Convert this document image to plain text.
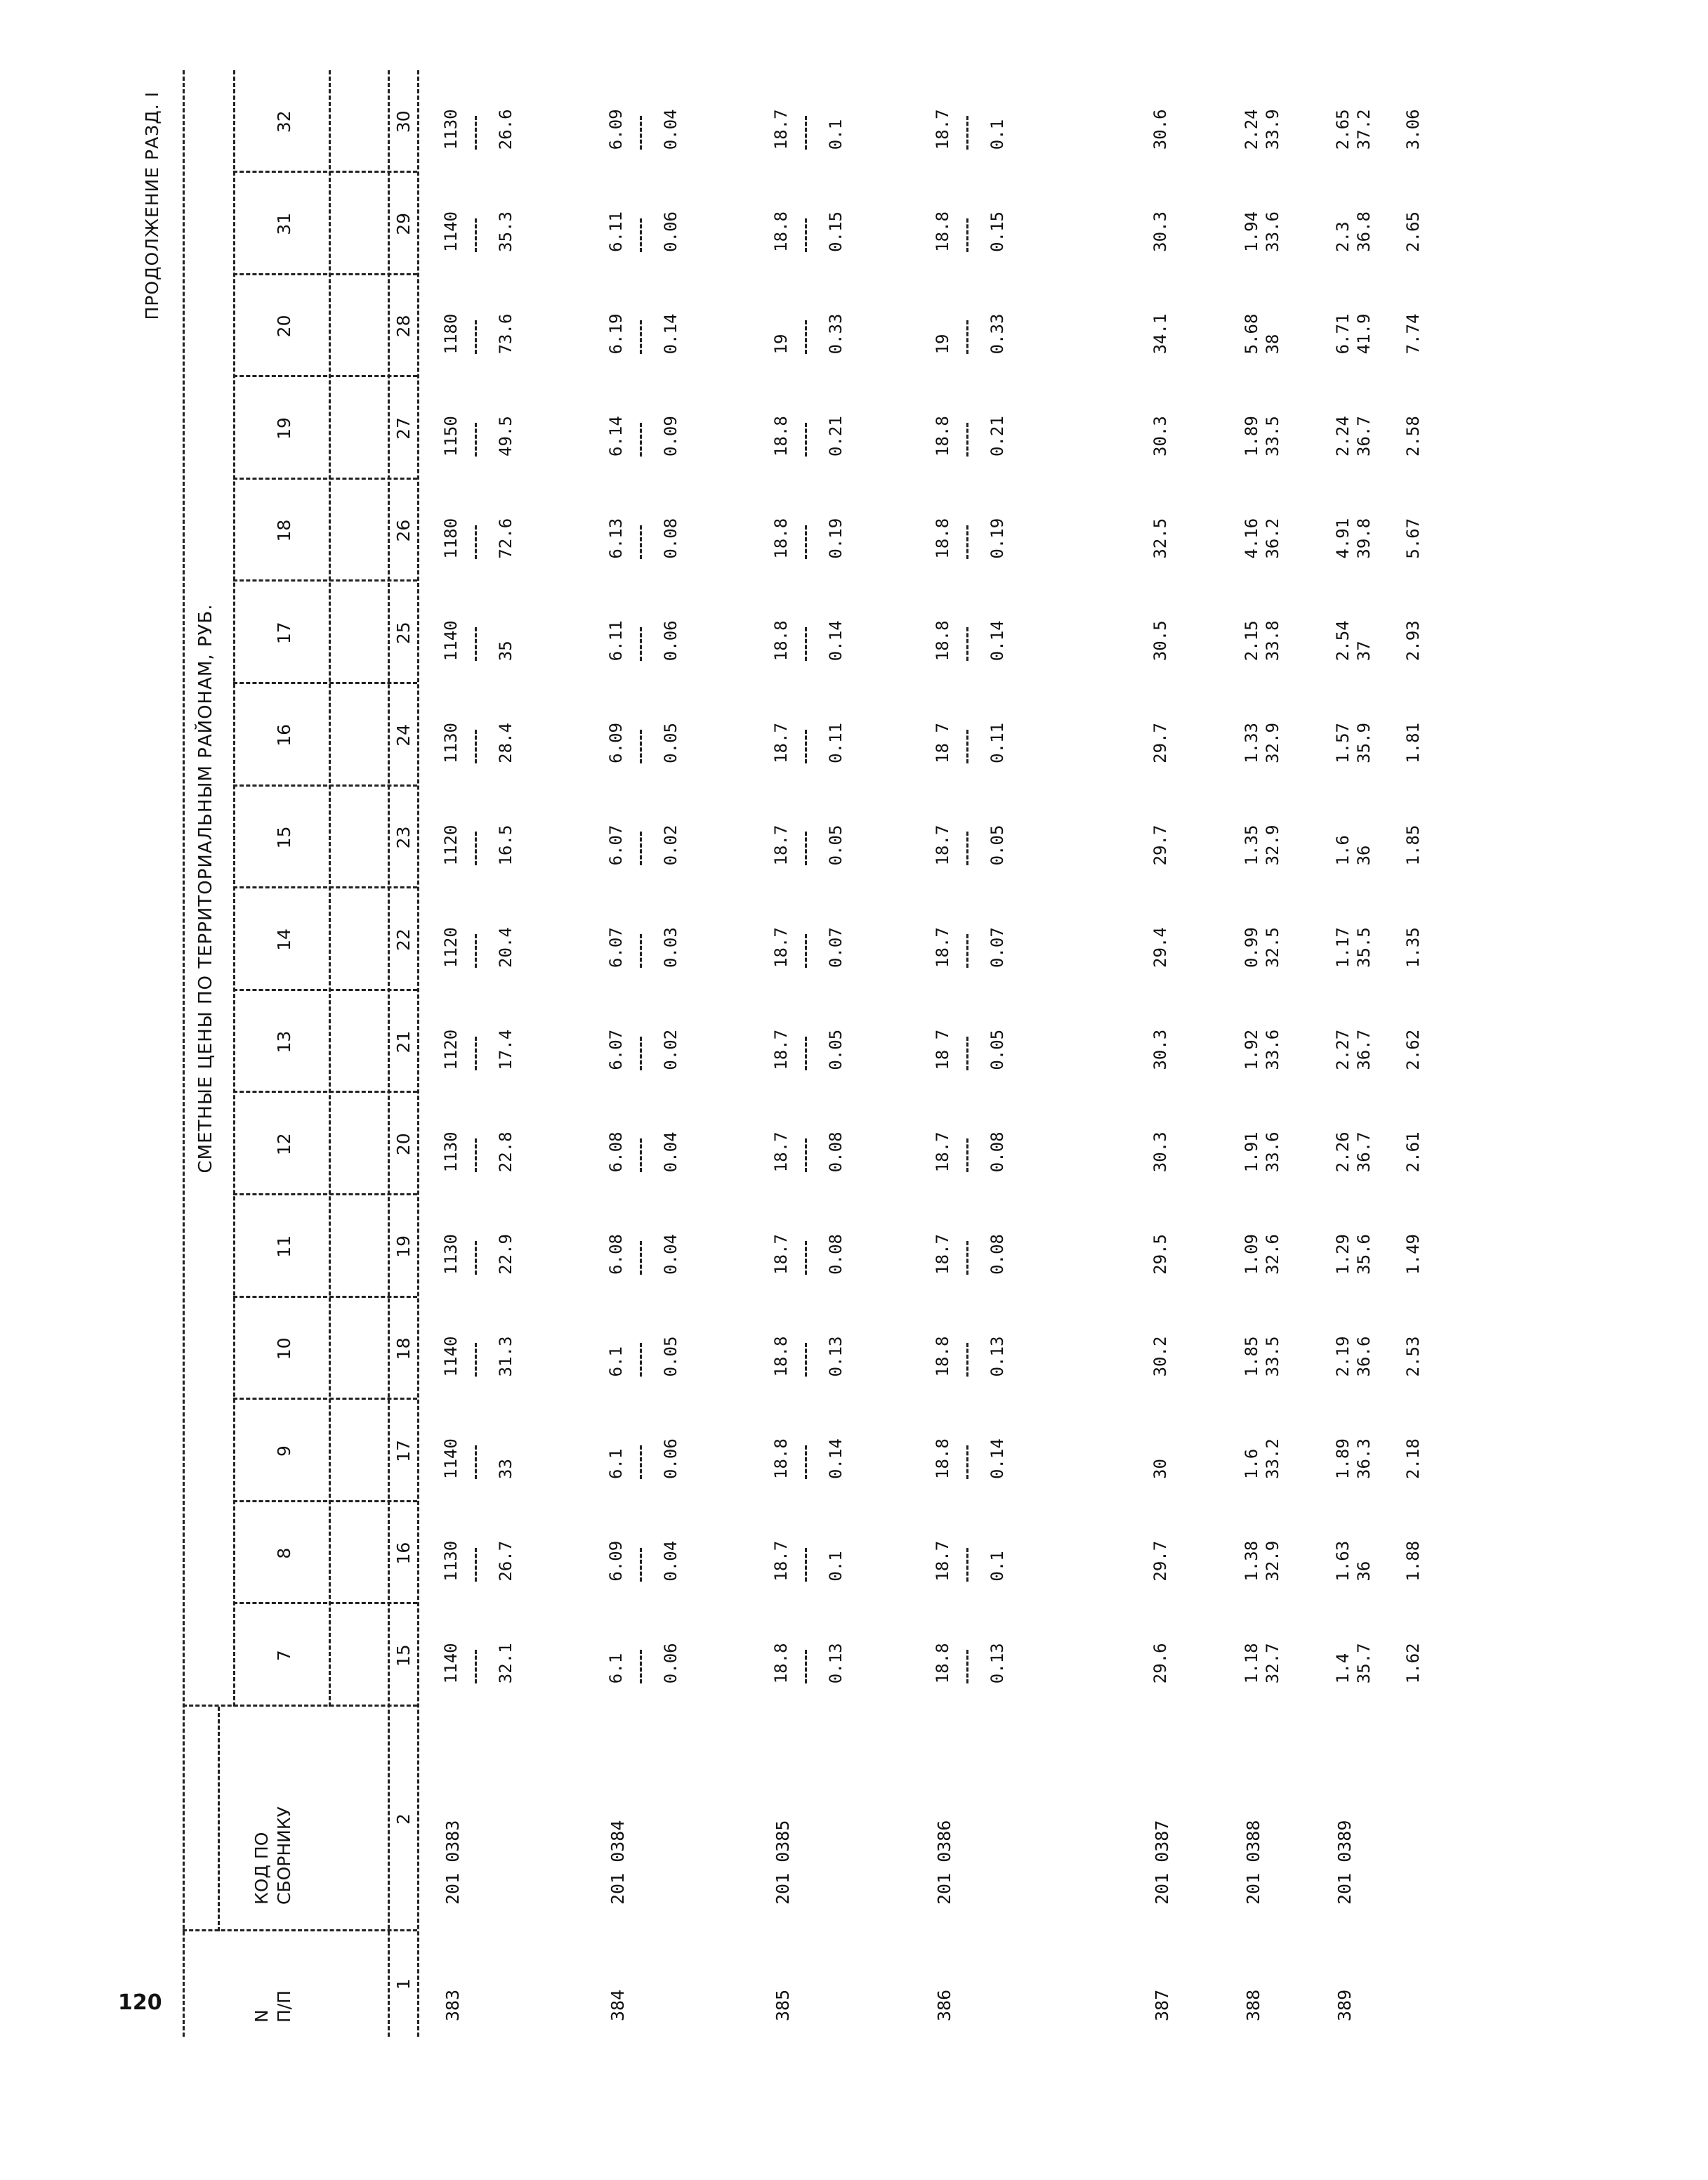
120
ПРОДОЛЖЕНИЕ РАЗД. I
N П/П
КОД ПО СБОРНИКУ
СМЕТНЫЕ ЦЕНЫ ПО ТЕРРИТОРИАЛЬНЫМ РАЙОНАМ, РУБ.
7
8
9
10
11
12
13
14
15
16
17
18
19
20
31
32
1
2
15
16
17
18
19
20
21
22
23
24
25
26
27
28
29
30
383
201 0383
1140 32.1
1130 26.7
1140 33
1140 31.3
1130 22.9
1130 22.8
1120 17.4
1120 20.4
1120 16.5
1130 28.4
1140 35
1180 72.6
1150 49.5
1180 73.6
1140 35.3
1130 26.6
384
201 0384
6.1 0.06
6.09 0.04
6.1 0.06
6.1 0.05
6.08 0.04
6.08 0.04
6.07 0.02
6.07 0.03
6.07 0.02
6.09 0.05
6.11 0.06
6.13 0.08
6.14 0.09
6.19 0.14
6.11 0.06
6.09 0.04
385
201 0385
18.8 0.13
18.7 0.1
18.8 0.14
18.8 0.13
18.7 0.08
18.7 0.08
18.7 0.05
18.7 0.07
18.7 0.05
18.7 0.11
18.8 0.14
18.8 0.19
18.8 0.21
19 0.33
18.8 0.15
18.7 0.1
386
201 0386
18.8 0.13
18.7 0.1
18.8 0.14
18.8 0.13
18.7 0.08
18.7 0.08
18 7 0.05
18.7 0.07
18.7 0.05
18 7 0.11
18.8 0.14
18.8 0.19
18.8 0.21
19 0.33
18.8 0.15
18.7 0.1
387
201 0387
29.6
29.7
30
30.2
29.5
30.3
30.3
29.4
29.7
29.7
30.5
32.5
30.3
34.1
30.3
30.6
388
201 0388
1.18 32.7
1.38 32.9
1.6 33.2
1.85 33.5
1.09 32.6
1.91 33.6
1.92 33.6
0.99 32.5
1.35 32.9
1.33 32.9
2.15 33.8
4.16 36.2
1.89 33.5
5.68 38
1.94 33.6
2.24 33.9
389
201 0389
1.4 35.7 1.62
1.63 36 1.88
1.89 36.3 2.18
2.19 36.6 2.53
1.29 35.6 1.49
2.26 36.7 2.61
2.27 36.7 2.62
1.17 35.5 1.35
1.6 36 1.85
1.57 35.9 1.81
2.54 37 2.93
4.91 39.8 5.67
2.24 36.7 2.58
6.71 41.9 7.74
2.3 36.8 2.65
2.65 37.2 3.06
